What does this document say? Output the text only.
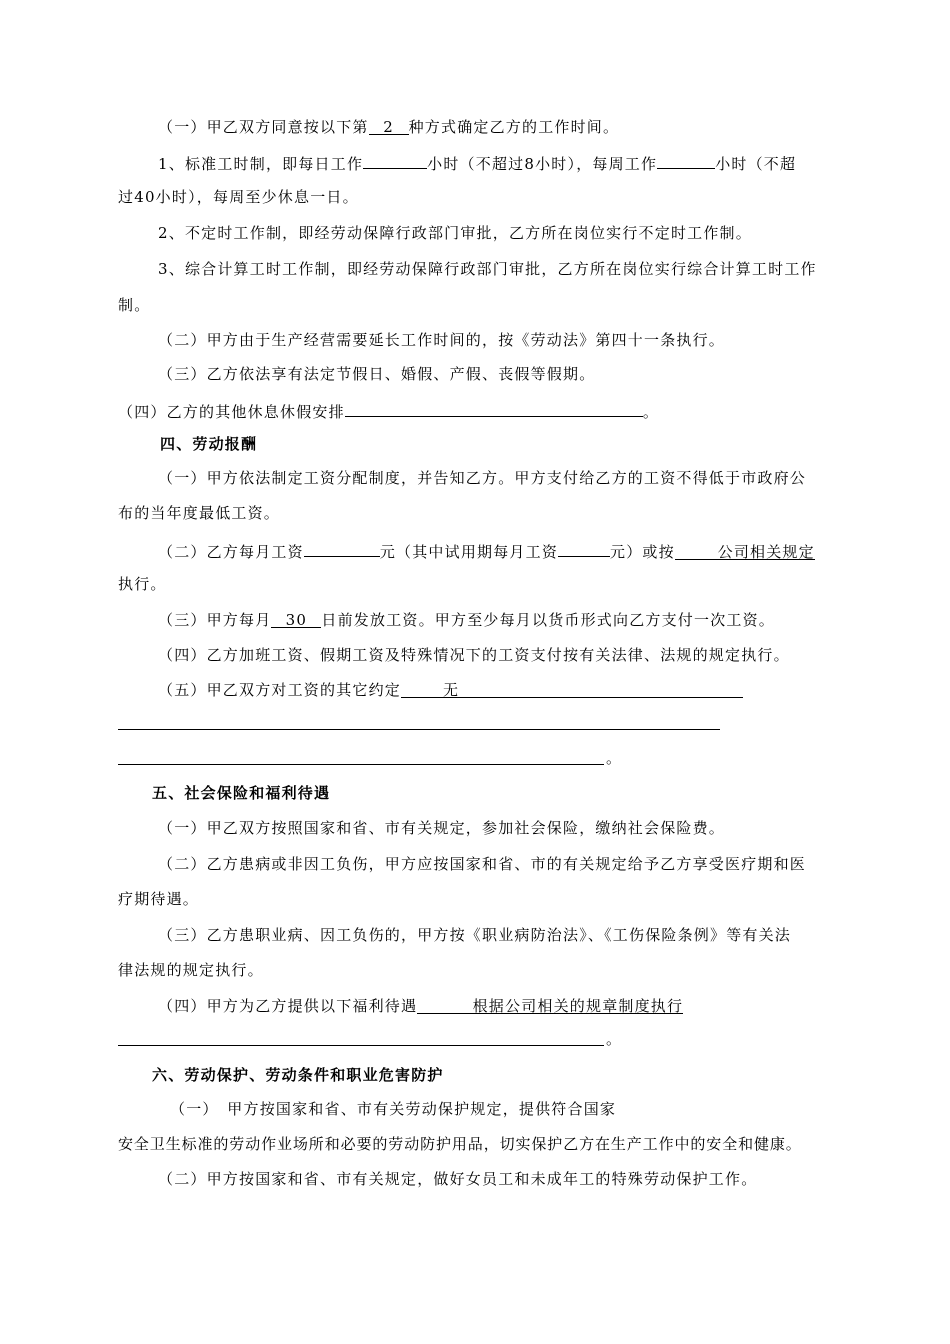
（一）甲乙双方同意按以下第 2 种方式确定乙方的工作时间。
1、标准工时制，即每日工作	小时（不超过8小时），每周工作	小时（不超
过40小时），每周至少休息一日。
2、不定时工作制，即经劳动保障行政部门审批，乙方所在岗位实行不定时工作制。
3、综合计算工时工作制，即经劳动保障行政部门审批，乙方所在岗位实行综合计算工时工作
制。
（二）甲方由于生产经营需要延长工作时间的，按《劳动法》第四十一条执行。
（三）乙方依法享有法定节假日、婚假、产假、丧假等假期。
（四）乙方的其他休息休假安排	。
四、劳动报酬
（一）甲方依法制定工资分配制度，并告知乙方。甲方支付给乙方的工资不得低于市政府公
布的当年度最低工资。
（二）乙方每月工资	元（其中试用期每月工资	元）或按	公司相关规定
执行。
（三）甲方每月 30 日前发放工资。甲方至少每月以货币形式向乙方支付一次工资。
（四）乙方加班工资、假期工资及特殊情况下的工资支付按有关法律、法规的规定执行。
（五）甲乙双方对工资的其它约定	无
。
五、社会保险和福利待遇
（一）甲乙双方按照国家和省、市有关规定，参加社会保险，缴纳社会保险费。
（二）乙方患病或非因工负伤，甲方应按国家和省、市的有关规定给予乙方享受医疗期和医
疗期待遇。
（三）乙方患职业病、因工负伤的，甲方按《职业病防治法》、《工伤保险条例》等有关法
律法规的规定执行。
（四）甲方为乙方提供以下福利待遇	根据公司相关的规章制度执行
。
六、劳动保护、劳动条件和职业危害防护
（一）　甲方按国家和省、市有关劳动保护规定，提供符合国家
安全卫生标准的劳动作业场所和必要的劳动防护用品，切实保护乙方在生产工作中的安全和健康。
（二）甲方按国家和省、市有关规定，做好女员工和未成年工的特殊劳动保护工作。
